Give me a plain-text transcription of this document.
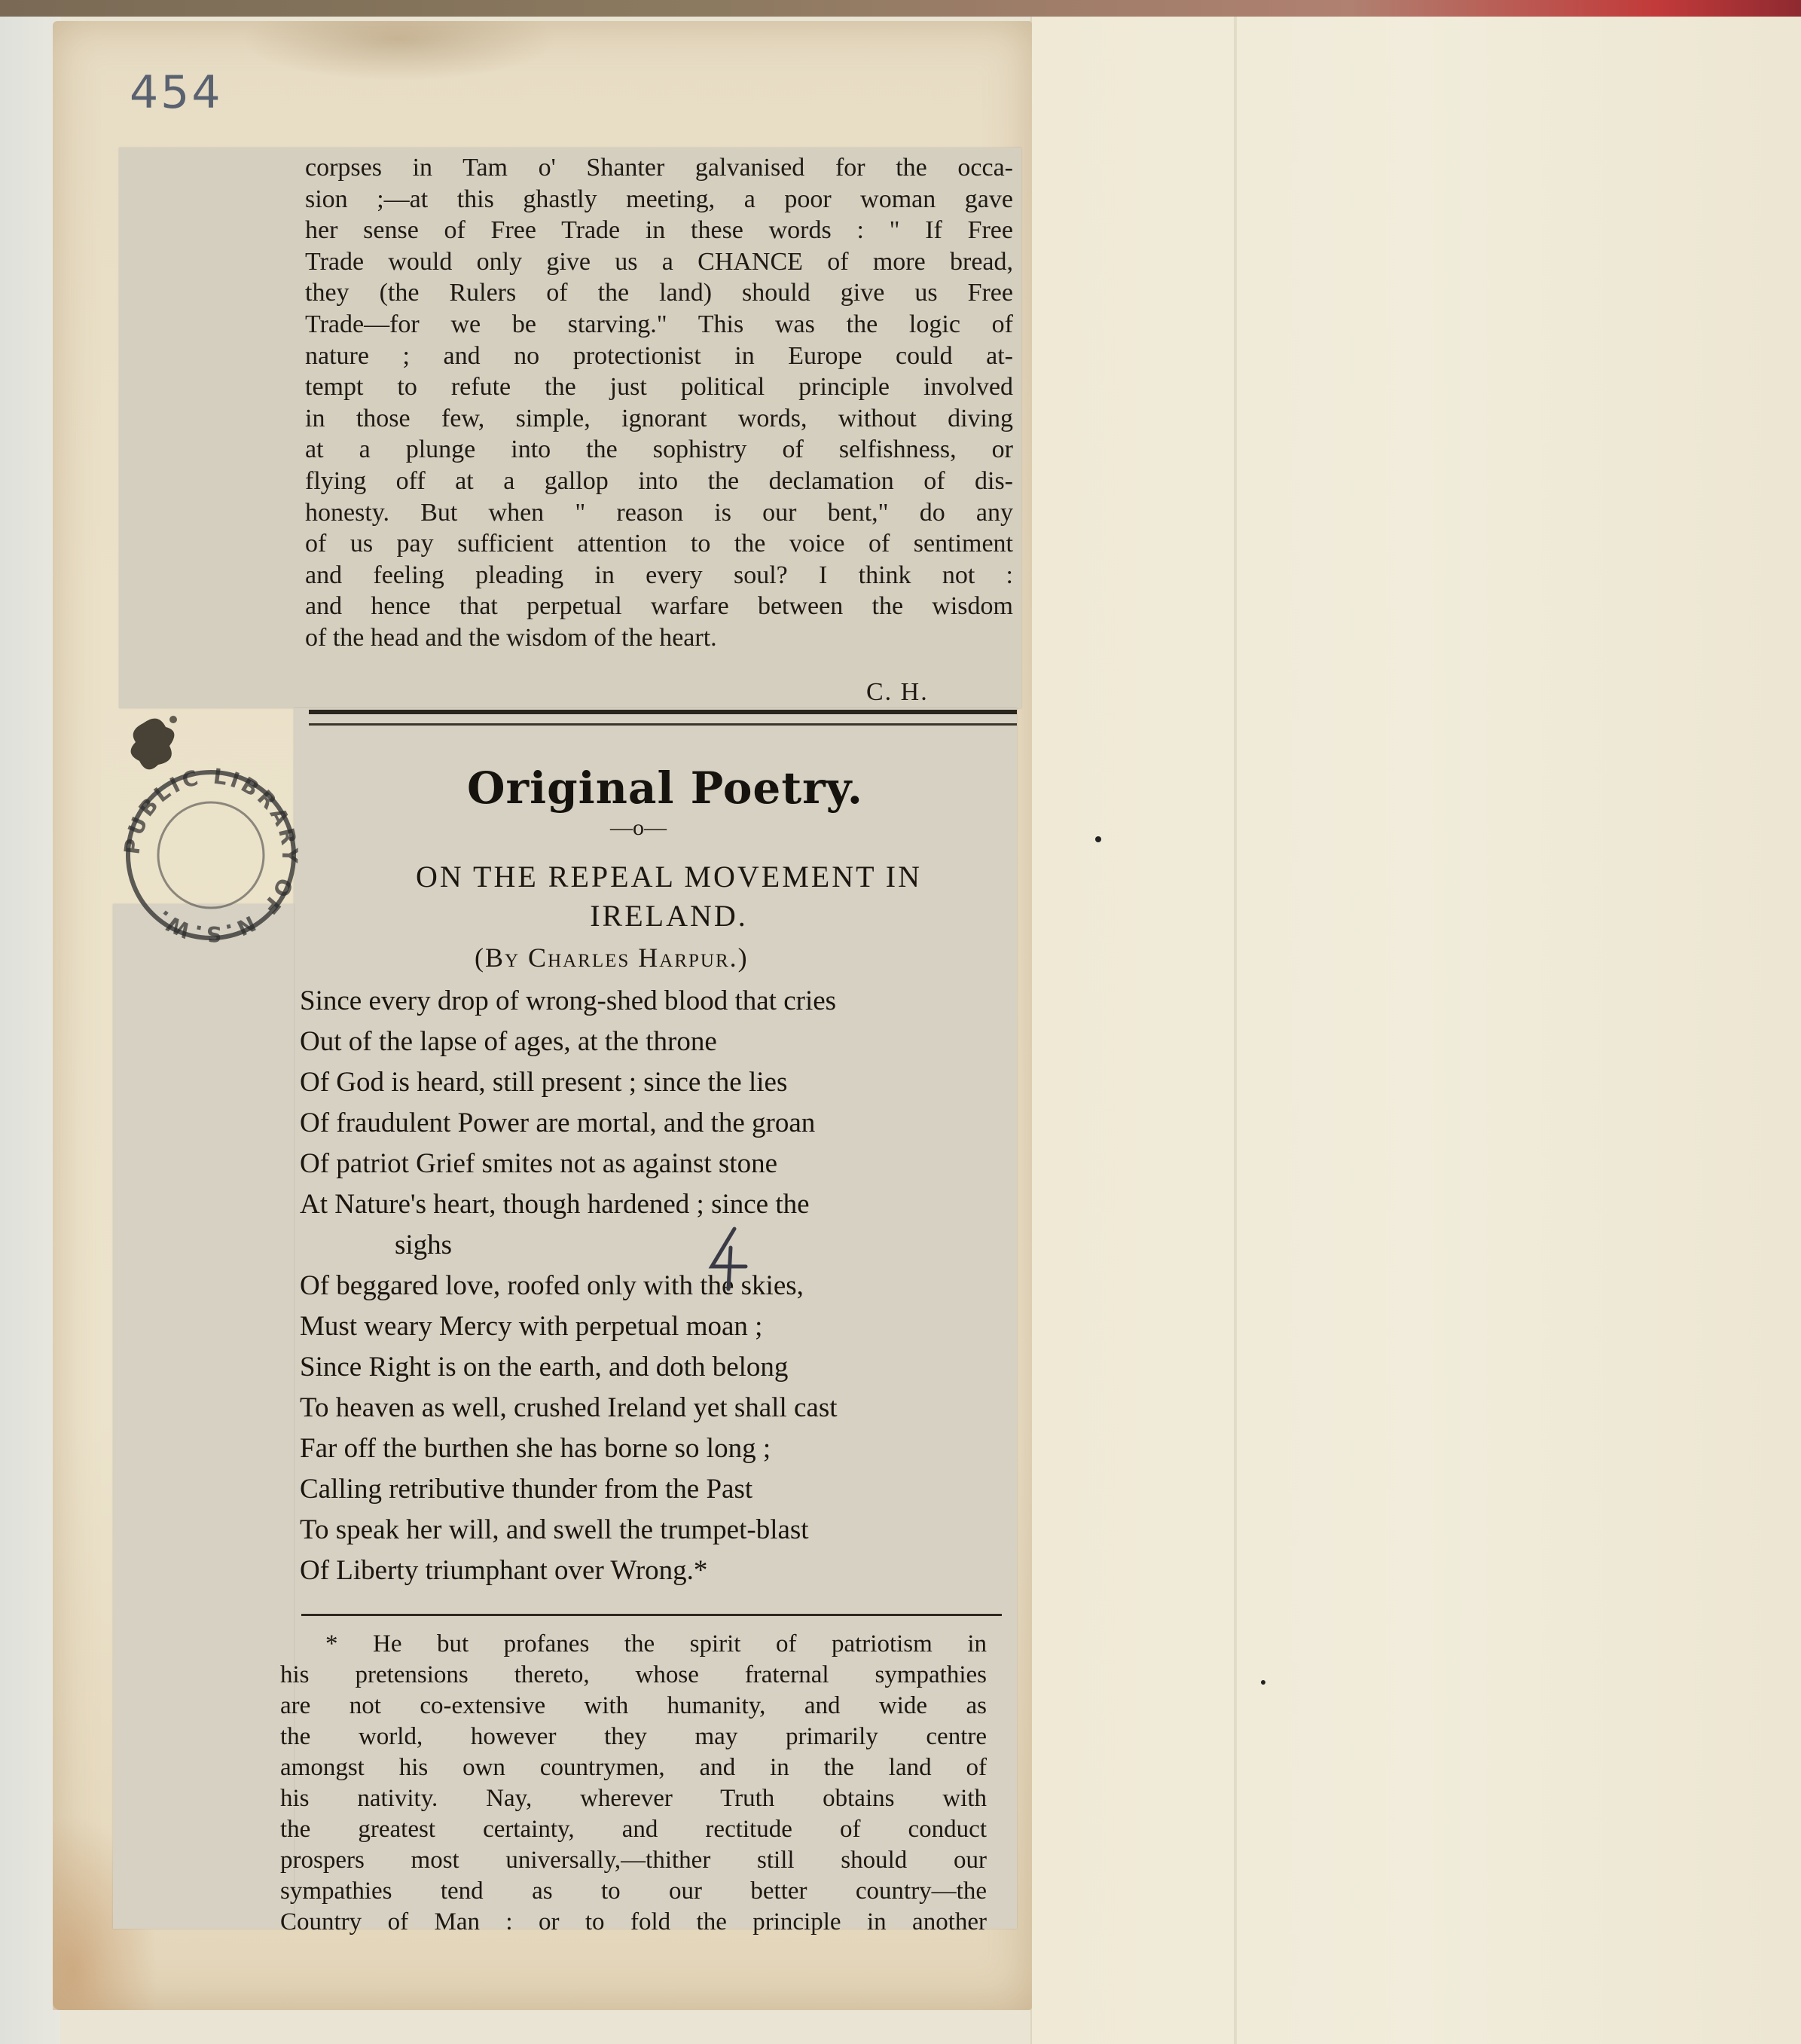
454
corpses in Tam o' Shanter galvanised for the occa-
sion ;—at this ghastly meeting, a poor woman gave
her sense of Free Trade in these words : " If Free
Trade would only give us a CHANCE of more bread,
they (the Rulers of the land) should give us Free
Trade—for we be starving." This was the logic of
nature ; and no protectionist in Europe could at-
tempt to refute the just political principle involved
in those few, simple, ignorant words, without diving
at a plunge into the sophistry of selfishness, or
flying off at a gallop into the declamation of dis-
honesty. But when " reason is our bent," do any
of us pay sufficient attention to the voice of sentiment
and feeling pleading in every soul? I think not :
and hence that perpetual warfare between the wisdom
of the head and the wisdom of the heart.
C. H.
Original Poetry.
—o—
ON THE REPEAL MOVEMENT IN IRELAND.
(By Charles Harpur.)
Since every drop of wrong-shed blood that cries
Out of the lapse of ages, at the throne
Of God is heard, still present ; since the lies
Of fraudulent Power are mortal, and the groan
Of patriot Grief smites not as against stone
At Nature's heart, though hardened ; since the
sighs
Of beggared love, roofed only with the skies,
Must weary Mercy with perpetual moan ;
Since Right is on the earth, and doth belong
To heaven as well, crushed Ireland yet shall cast
Far off the burthen she has borne so long ;
Calling retributive thunder from the Past
To speak her will, and swell the trumpet-blast
Of Liberty triumphant over Wrong.*
* He but profanes the spirit of patriotism in
his pretensions thereto, whose fraternal sympathies
are not co-extensive with humanity, and wide as
the world, however they may primarily centre
amongst his own countrymen, and in the land of
his nativity. Nay, wherever Truth obtains with
the greatest certainty, and rectitude of conduct
prospers most universally,—thither still should our
sympathies tend as to our better country—the
Country of Man : or to fold the principle in another
PUBLIC LIBRARY OF N.S.W.
